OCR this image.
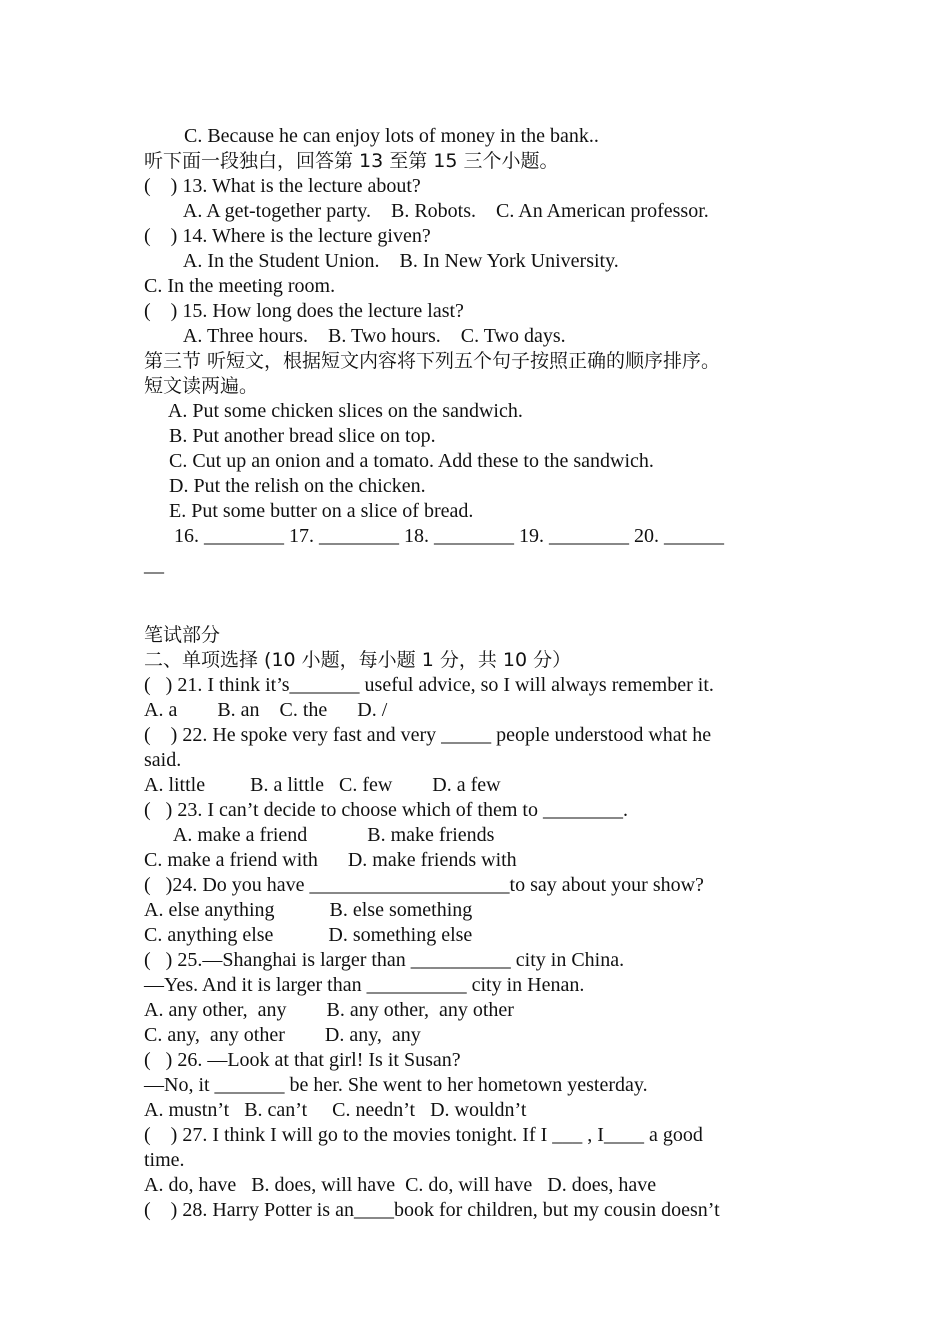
C. Because he can enjoy lots of money in the bank..
听下面一段独白，回答第 13 至第 15 三个小题。
(    ) 13. What is the lecture about?
A. A get-together party.    B. Robots.    C. An American professor.
(    ) 14. Where is the lecture given?
A. In the Student Union.    B. In New York University.
C. In the meeting room.
(    ) 15. How long does the lecture last?
A. Three hours.    B. Two hours.    C. Two days.
第三节 听短文，根据短文内容将下列五个句子按照正确的顺序排序。
短文读两遍。
A. Put some chicken slices on the sandwich.
B. Put another bread slice on top.
C. Cut up an onion and a tomato. Add these to the sandwich.
D. Put the relish on the chicken.
E. Put some butter on a slice of bread.
16. ________ 17. ________ 18. ________ 19. ________ 20. ______
__
笔试部分
二、单项选择 (10 小题，每小题 1 分，共 10 分）
(   ) 21. I think it’s_______ useful advice, so I will always remember it.
A. a        B. an    C. the      D. /
(    ) 22. He spoke very fast and very _____ people understood what he
said.
A. little         B. a little   C. few        D. a few
(   ) 23. I can’t decide to choose which of them to ________.
A. make a friend            B. make friends
C. make a friend with      D. make friends with
(   )24. Do you have ____________________to say about your show?
A. else anything           B. else something
C. anything else           D. something else
(   ) 25.—Shanghai is larger than __________ city in China.
—Yes. And it is larger than __________ city in Henan.
A. any other,  any        B. any other,  any other
C. any,  any other        D. any,  any
(   ) 26. —Look at that girl! Is it Susan?
—No, it _______ be her. She went to her hometown yesterday.
A. mustn’t   B. can’t     C. needn’t   D. wouldn’t
(    ) 27. I think I will go to the movies tonight. If I ___ , I____ a good
time.
A. do, have   B. does, will have  C. do, will have   D. does, have
(    ) 28. Harry Potter is an____book for children, but my cousin doesn’t
